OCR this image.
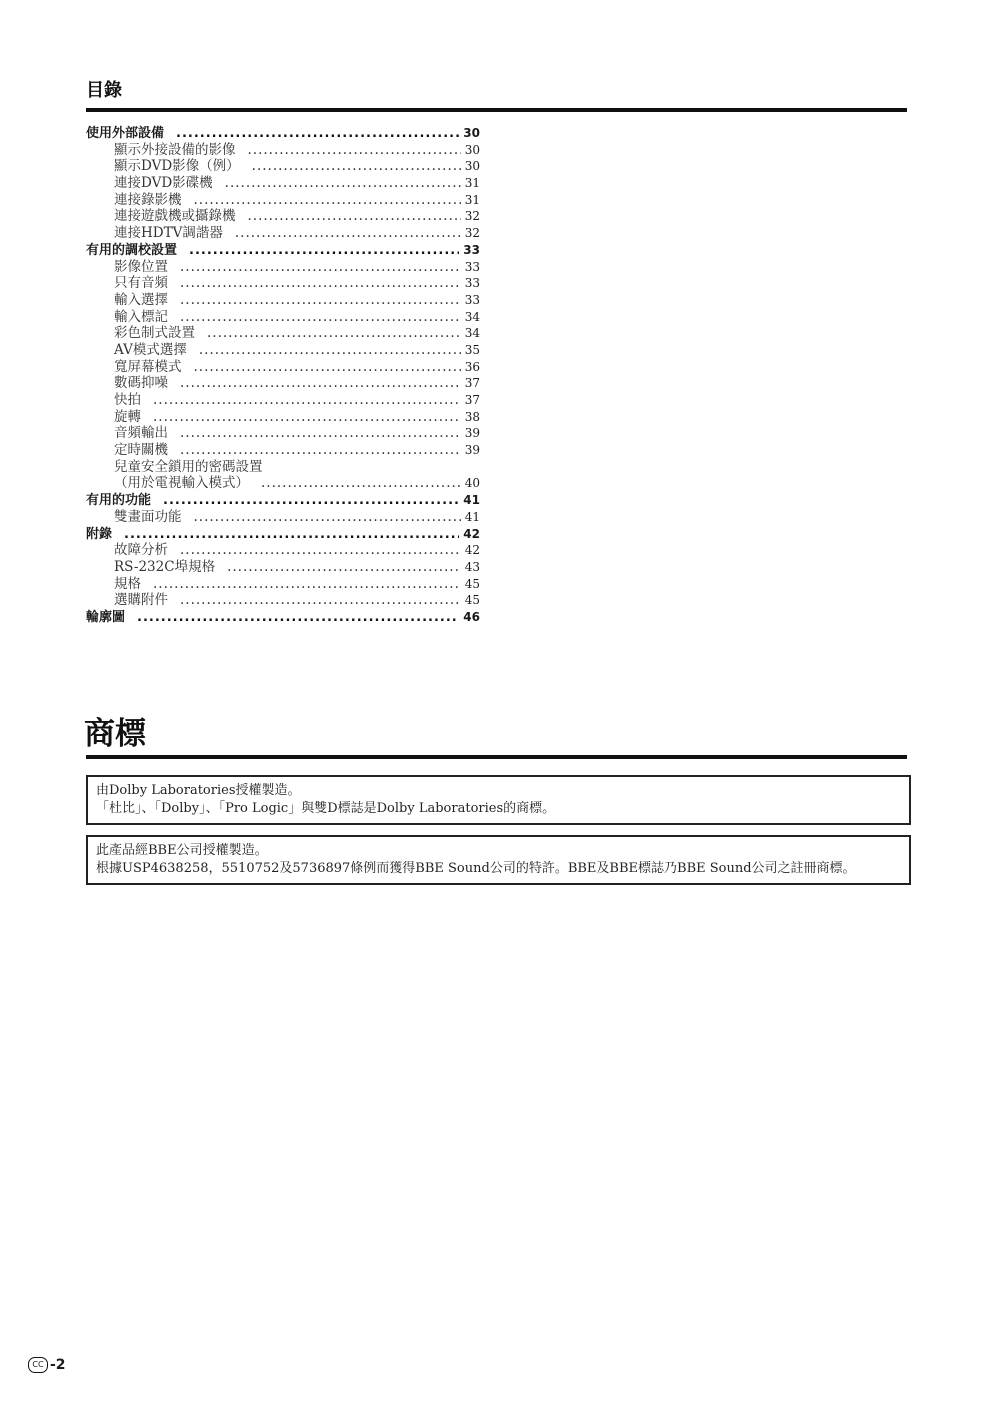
目錄
使用外部設備 .....	30
顯示外接設備的影像 .....	30
顯示DVD影像（例） .....	30
連接DVD影碟機 .....	31
連接錄影機 .....	31
連接遊戲機或攝錄機 .....	32
連接HDTV調諧器 .....	32
有用的調校設置 .....	33
影像位置 .....	33
只有音頻 .....	33
輸入選擇 .....	33
輸入標記 .....	34
彩色制式設置 .....	34
AV模式選擇 .....	35
寬屏幕模式 .....	36
數碼抑噪 .....	37
快拍 .....	37
旋轉 .....	38
音頻輸出 .....	39
定時關機 .....	39
兒童安全鎖用的密碼設置
（用於電視輸入模式） .....	40
有用的功能 .....	41
雙畫面功能 .....	41
附錄 .....	42
故障分析 .....	42
RS-232C埠規格 .....	43
規格 .....	45
選購附件 .....	45
輪廓圖 .....	46
商標
由Dolby Laboratories授權製造。
「杜比」、「Dolby」、「Pro Logic」與雙D標誌是Dolby Laboratories的商標。
此產品經BBE公司授權製造。
根據USP4638258，5510752及5736897條例而獲得BBE Sound公司的特許。BBE及BBE標誌乃BBE Sound公司之註冊商標。
CC -2
